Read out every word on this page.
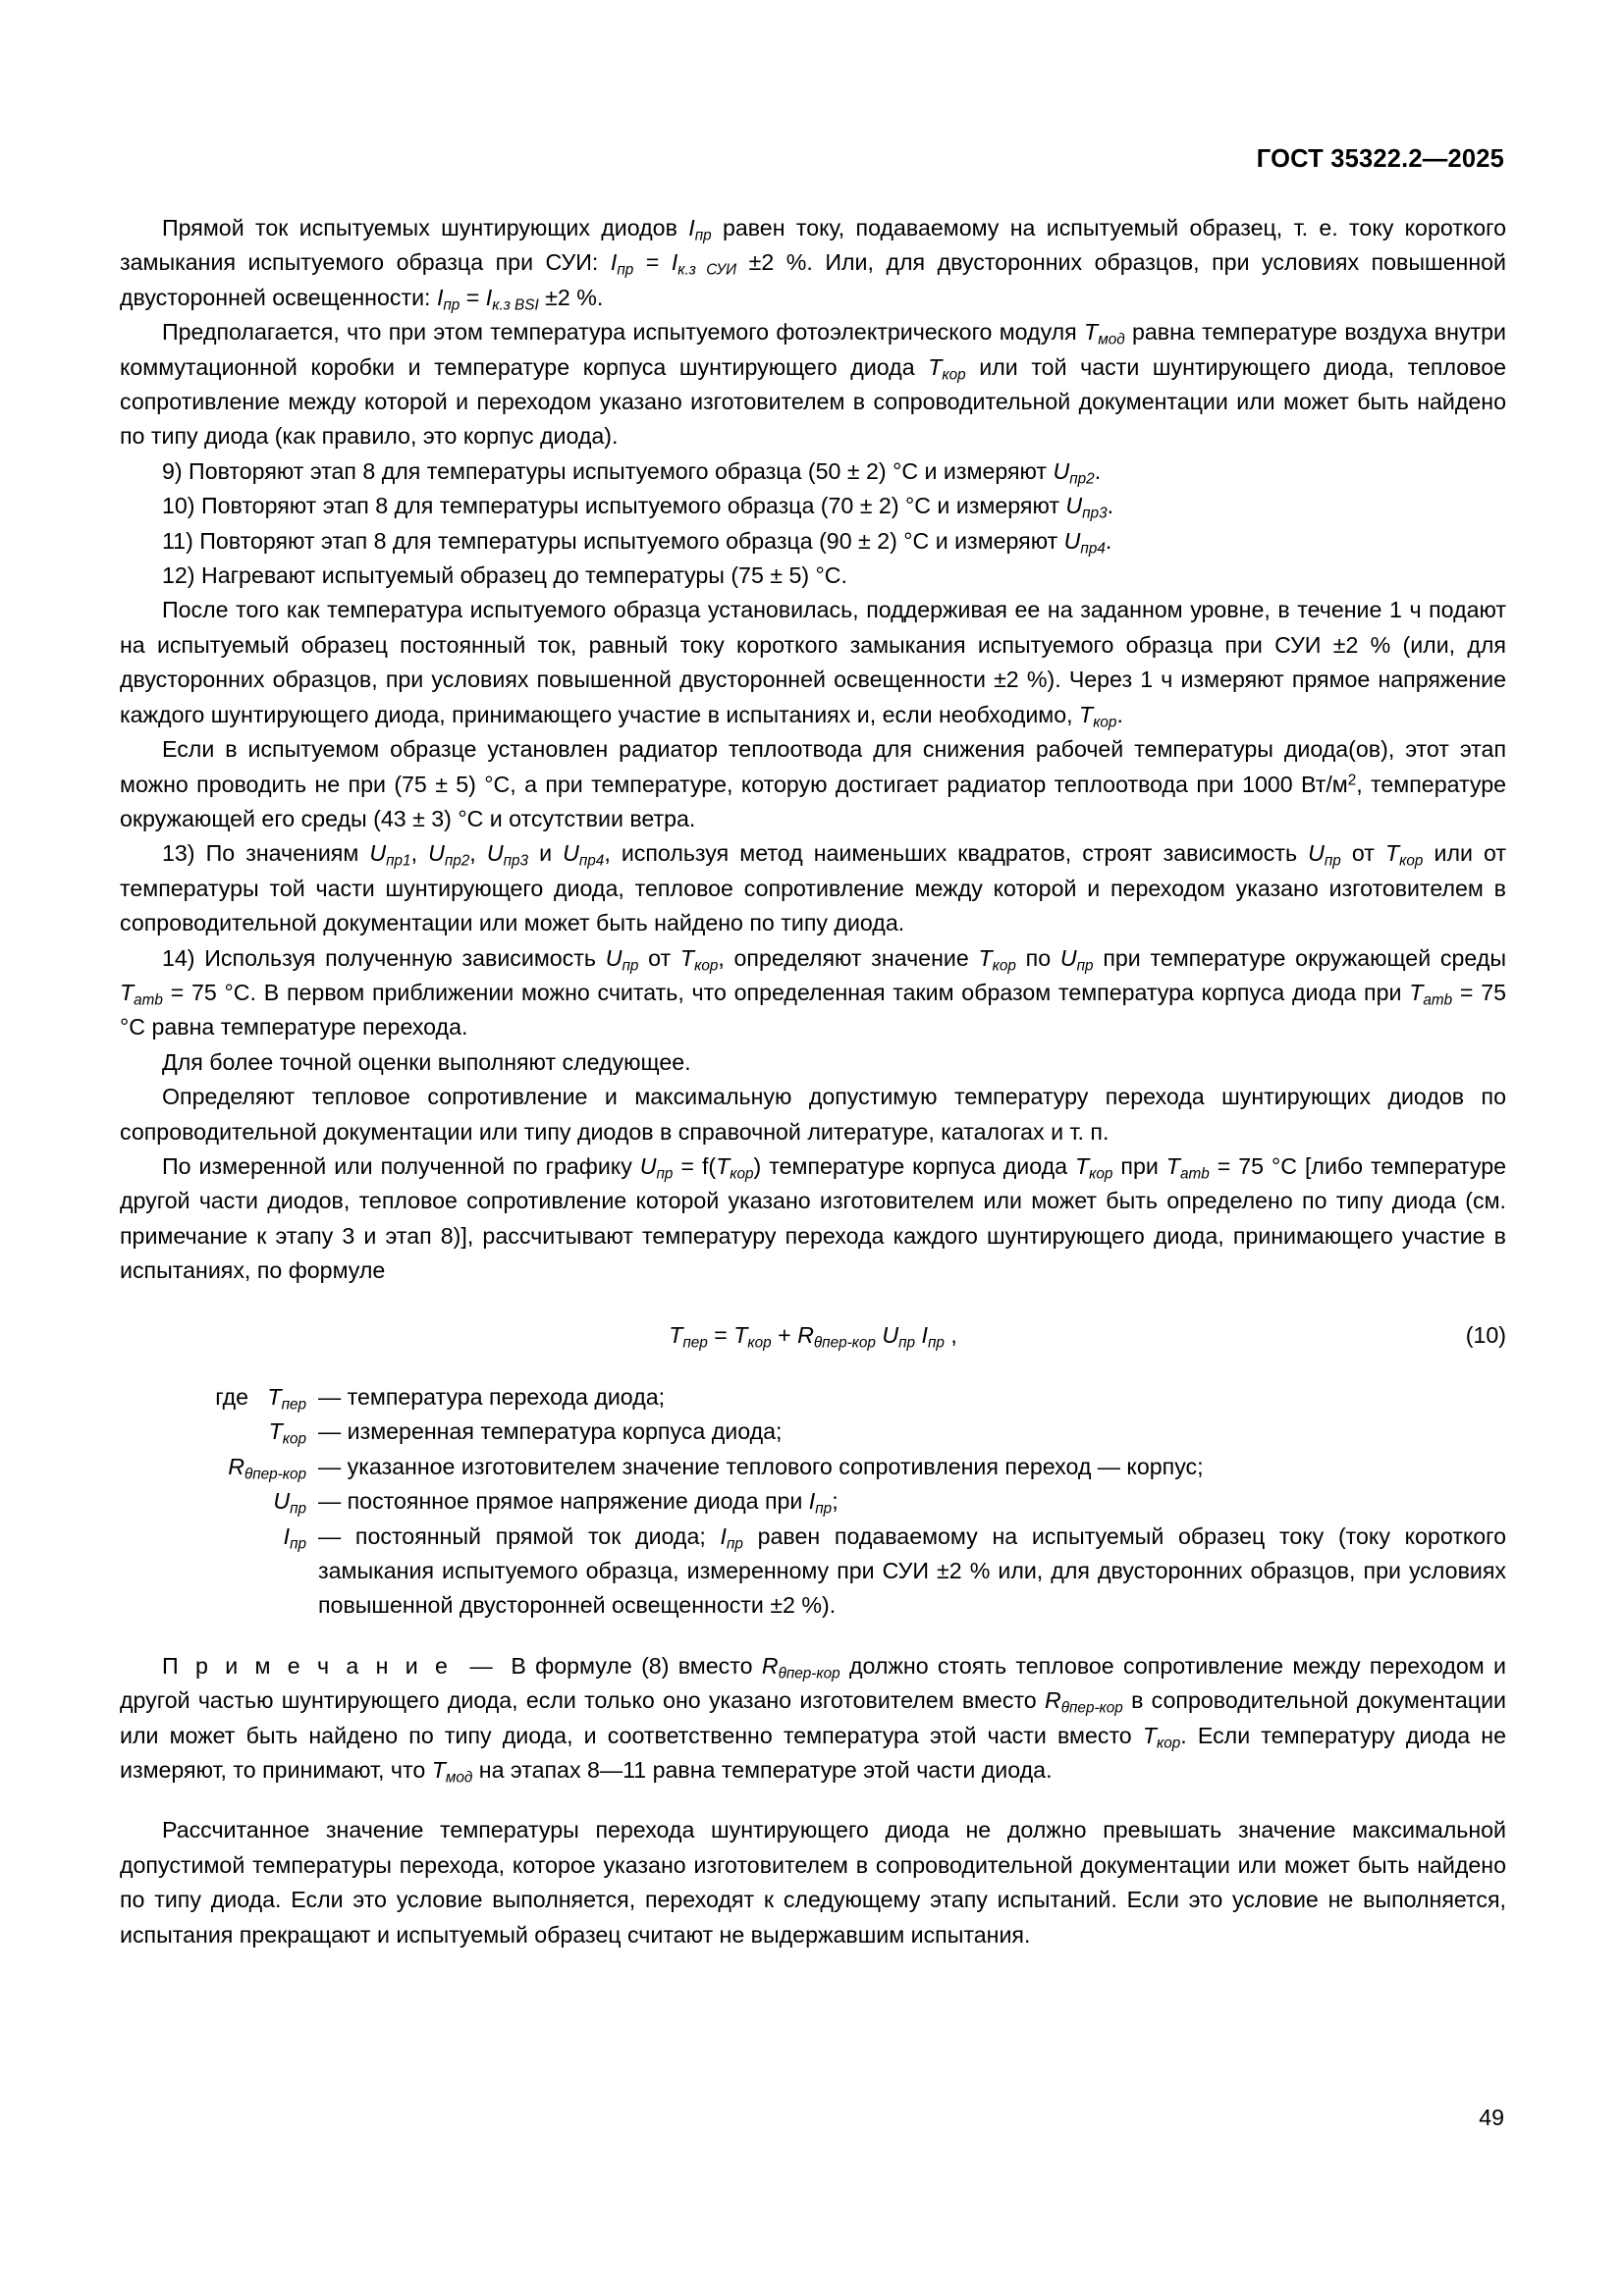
ГОСТ 35322.2—2025

Прямой ток испытуемых шунтирующих диодов $I_{пр}$ равен току, подаваемому на испытуемый образец, т. е. току короткого замыкания испытуемого образца при СУИ: $I_{пр} = I_{к.з СУИ} \pm 2$ %. Или, для двусторонних образцов, при условиях повышенной двусторонней освещенности: $I_{пр} = I_{к.з BSI} \pm 2$ %.

Предполагается, что при этом температура испытуемого фотоэлектрического модуля $T_{мод}$ равна температуре воздуха внутри коммутационной коробки и температуре корпуса шунтирующего диода $T_{кор}$ или той части шунтирующего диода, тепловое сопротивление между которой и переходом указано изготовителем в сопроводительной документации или может быть найдено по типу диода (как правило, это корпус диода).

9) Повторяют этап 8 для температуры испытуемого образца (50 ± 2) °С и измеряют $U_{пр2}$.

10) Повторяют этап 8 для температуры испытуемого образца (70 ± 2) °С и измеряют $U_{пр3}$.

11) Повторяют этап 8 для температуры испытуемого образца (90 ± 2) °С и измеряют $U_{пр4}$.

12) Нагревают испытуемый образец до температуры (75 ± 5) °С.

После того как температура испытуемого образца установилась, поддерживая ее на заданном уровне, в течение 1 ч подают на испытуемый образец постоянный ток, равный току короткого замыкания испытуемого образца при СУИ ±2 % (или, для двусторонних образцов, при условиях повышенной двусторонней освещенности ±2 %). Через 1 ч измеряют прямое напряжение каждого шунтирующего диода, принимающего участие в испытаниях и, если необходимо, $T_{кор}$.

Если в испытуемом образце установлен радиатор теплоотвода для снижения рабочей температуры диода(ов), этот этап можно проводить не при (75 ± 5) °С, а при температуре, которую достигает радиатор теплоотвода при 1000 $Вт/м^2$, температуре окружающей его среды (43 ± 3) °С и отсутствии ветра.

13) По значениям $U_{пр1}$, $U_{пр2}$, $U_{пр3}$ и $U_{пр4}$, используя метод наименьших квадратов, строят зависимость $U_{пр}$ от $T_{кор}$ или от температуры той части шунтирующего диода, тепловое сопротивление между которой и переходом указано изготовителем в сопроводительной документации или может быть найдено по типу диода.

14) Используя полученную зависимость $U_{пр}$ от $T_{кор}$, определяют значение $T_{кор}$ по $U_{пр}$ при температуре окружающей среды $T_{amb} = 75$ °С. В первом приближении можно считать, что определенная таким образом температура корпуса диода при $T_{amb} = 75$ °С равна температуре перехода.

Для более точной оценки выполняют следующее.

Определяют тепловое сопротивление и максимальную допустимую температуру перехода шунтирующих диодов по сопроводительной документации или типу диодов в справочной литературе, каталогах и т. п.

По измеренной или полученной по графику $U_{пр} = f(T_{кор})$ температуре корпуса диода $T_{кор}$ при $T_{amb} = 75$ °С [либо температуре другой части диодов, тепловое сопротивление которой указано изготовителем или может быть определено по типу диода (см. примечание к этапу 3 и этап 8)], рассчитывают температуру перехода каждого шунтирующего диода, принимающего участие в испытаниях, по формуле

$T_{пер} = T_{кор} + R_{\theta пер-кор}$ $U_{пр}$ $I_{пр}$ ,	(10)
где $T_{пер}$ — температура перехода диода;
$T_{кор}$ — измеренная температура корпуса диода;
$R_{\theta пер-кор}$ — указанное изготовителем значение теплового сопротивления переход — корпус;
$U_{пр}$ — постоянное прямое напряжение диода при $I_{пр}$;
$I_{пр}$ — постоянный прямой ток диода; $I_{пр}$ равен подаваемому на испытуемый образец току (току короткого замыкания испытуемого образца, измеренному при СУИ ±2 % или, для двусторонних образцов, при условиях повышенной двусторонней освещенности ±2 %).

П р и м е ч а н и е — В формуле (8) вместо $R_{\theta пер-кор}$ должно стоять тепловое сопротивление между переходом и другой частью шунтирующего диода, если только оно указано изготовителем вместо $R_{\theta пер-кор}$ в сопроводительной документации или может быть найдено по типу диода, и соответственно температура этой части вместо $T_{кор}$. Если температуру диода не измеряют, то принимают, что $T_{мод}$ на этапах 8—11 равна температуре этой части диода.

Рассчитанное значение температуры перехода шунтирующего диода не должно превышать значение максимальной допустимой температуры перехода, которое указано изготовителем в сопроводительной документации или может быть найдено по типу диода. Если это условие выполняется, переходят к следующему этапу испытаний. Если это условие не выполняется, испытания прекращают и испытуемый образец считают не выдержавшим испытания.

49
